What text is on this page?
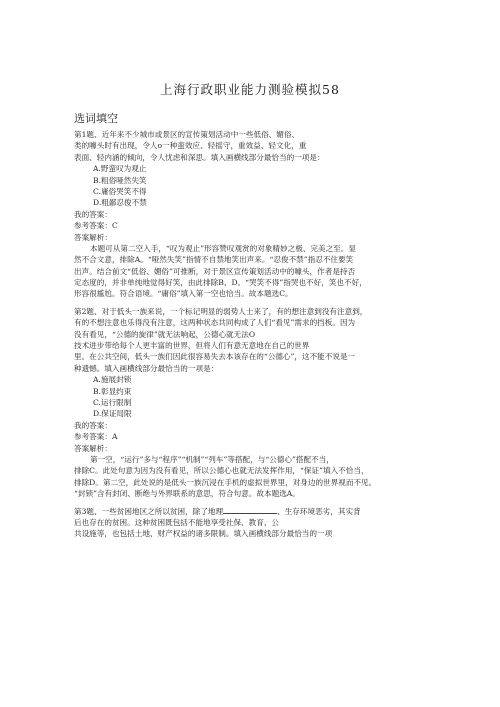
上海行政职业能力测验模拟58
选词填空
第1题、近年来不少城市或景区的宣传策划活动中一些低俗、媚俗、
类的噱头时有出现，令人o一种蛮效应、轻摇守，重效益、轻文化，重
表面、轻内涵的倾向，令人忧虑和深思。填入画横线部分最恰当的一项是：
A.野蛮叹为观止
B.粗俗哑然失笑
C.庸俗哭笑不得
D.粗鄙忍俊不禁
我的答案：
参考答案：C
答案解析：
本题可从第二空入手，“叹为观止”形容赞叹观赏的对象精妙之极、完美之至。显
然不合文意，排除A。“哑然失笑”指情不自禁地笑出声来。“忍俊不禁”指忍不住要笑
出声。结合前文“低俗、媚俗”可推断，对于景区宣传策划活动中的噱头，作者是持否
定态度的，并非单纯地觉得好笑，由此排除B、D。“哭笑不得”指哭也不好，笑也不好，
形容很尴尬。符合语境。“庸俗”填入第一空也恰当。故本题选C。
第2题、对于低头一族来说，一个标记明显的弱势人士来了，有的想注意到没有注意到，
有的不想注意也乐得没有注意，这两种状态共同构成了人们“看见”需求的挡板。因为
没有看见，“公德的旋律”就无法响起，公德心就无法O
技术进步带给每个人更丰富的世界，但将人们有意无意地在自己的世界
里。在公共空间，低头一族们因此很容易失去本该存在的“公德心”，这不能不说是一
种遗憾。填入画横线部分最恰当的一项是：
A.施展封锁
B.彰显约束
C.运行限制
D.保证局限
我的答案：
参考答案：A
答案解析：
第一空，“运行”多与“程序”“机制”“列车”等搭配，与“公德心”搭配不当，
排除C。此处句意为因为没有看见，所以公德心也就无法发挥作用，“保证”填入不恰当，
排除D。第二空，此处说的是低头一族沉浸在手机的虚拟世界里，对身边的世界视而不见。
“封锁”含有封闭、断绝与外界联系的意思，符合句意。故本题选A。
第3题、一些贫困地区之所以贫困，除了地理	、生存环境恶劣，其实背
后也存在的贫困。这种贫困既包括不能地享受社保、教育、公
共设施等，也包括土地、财产权益的诸多限制。填入画横线部分最恰当的一项
